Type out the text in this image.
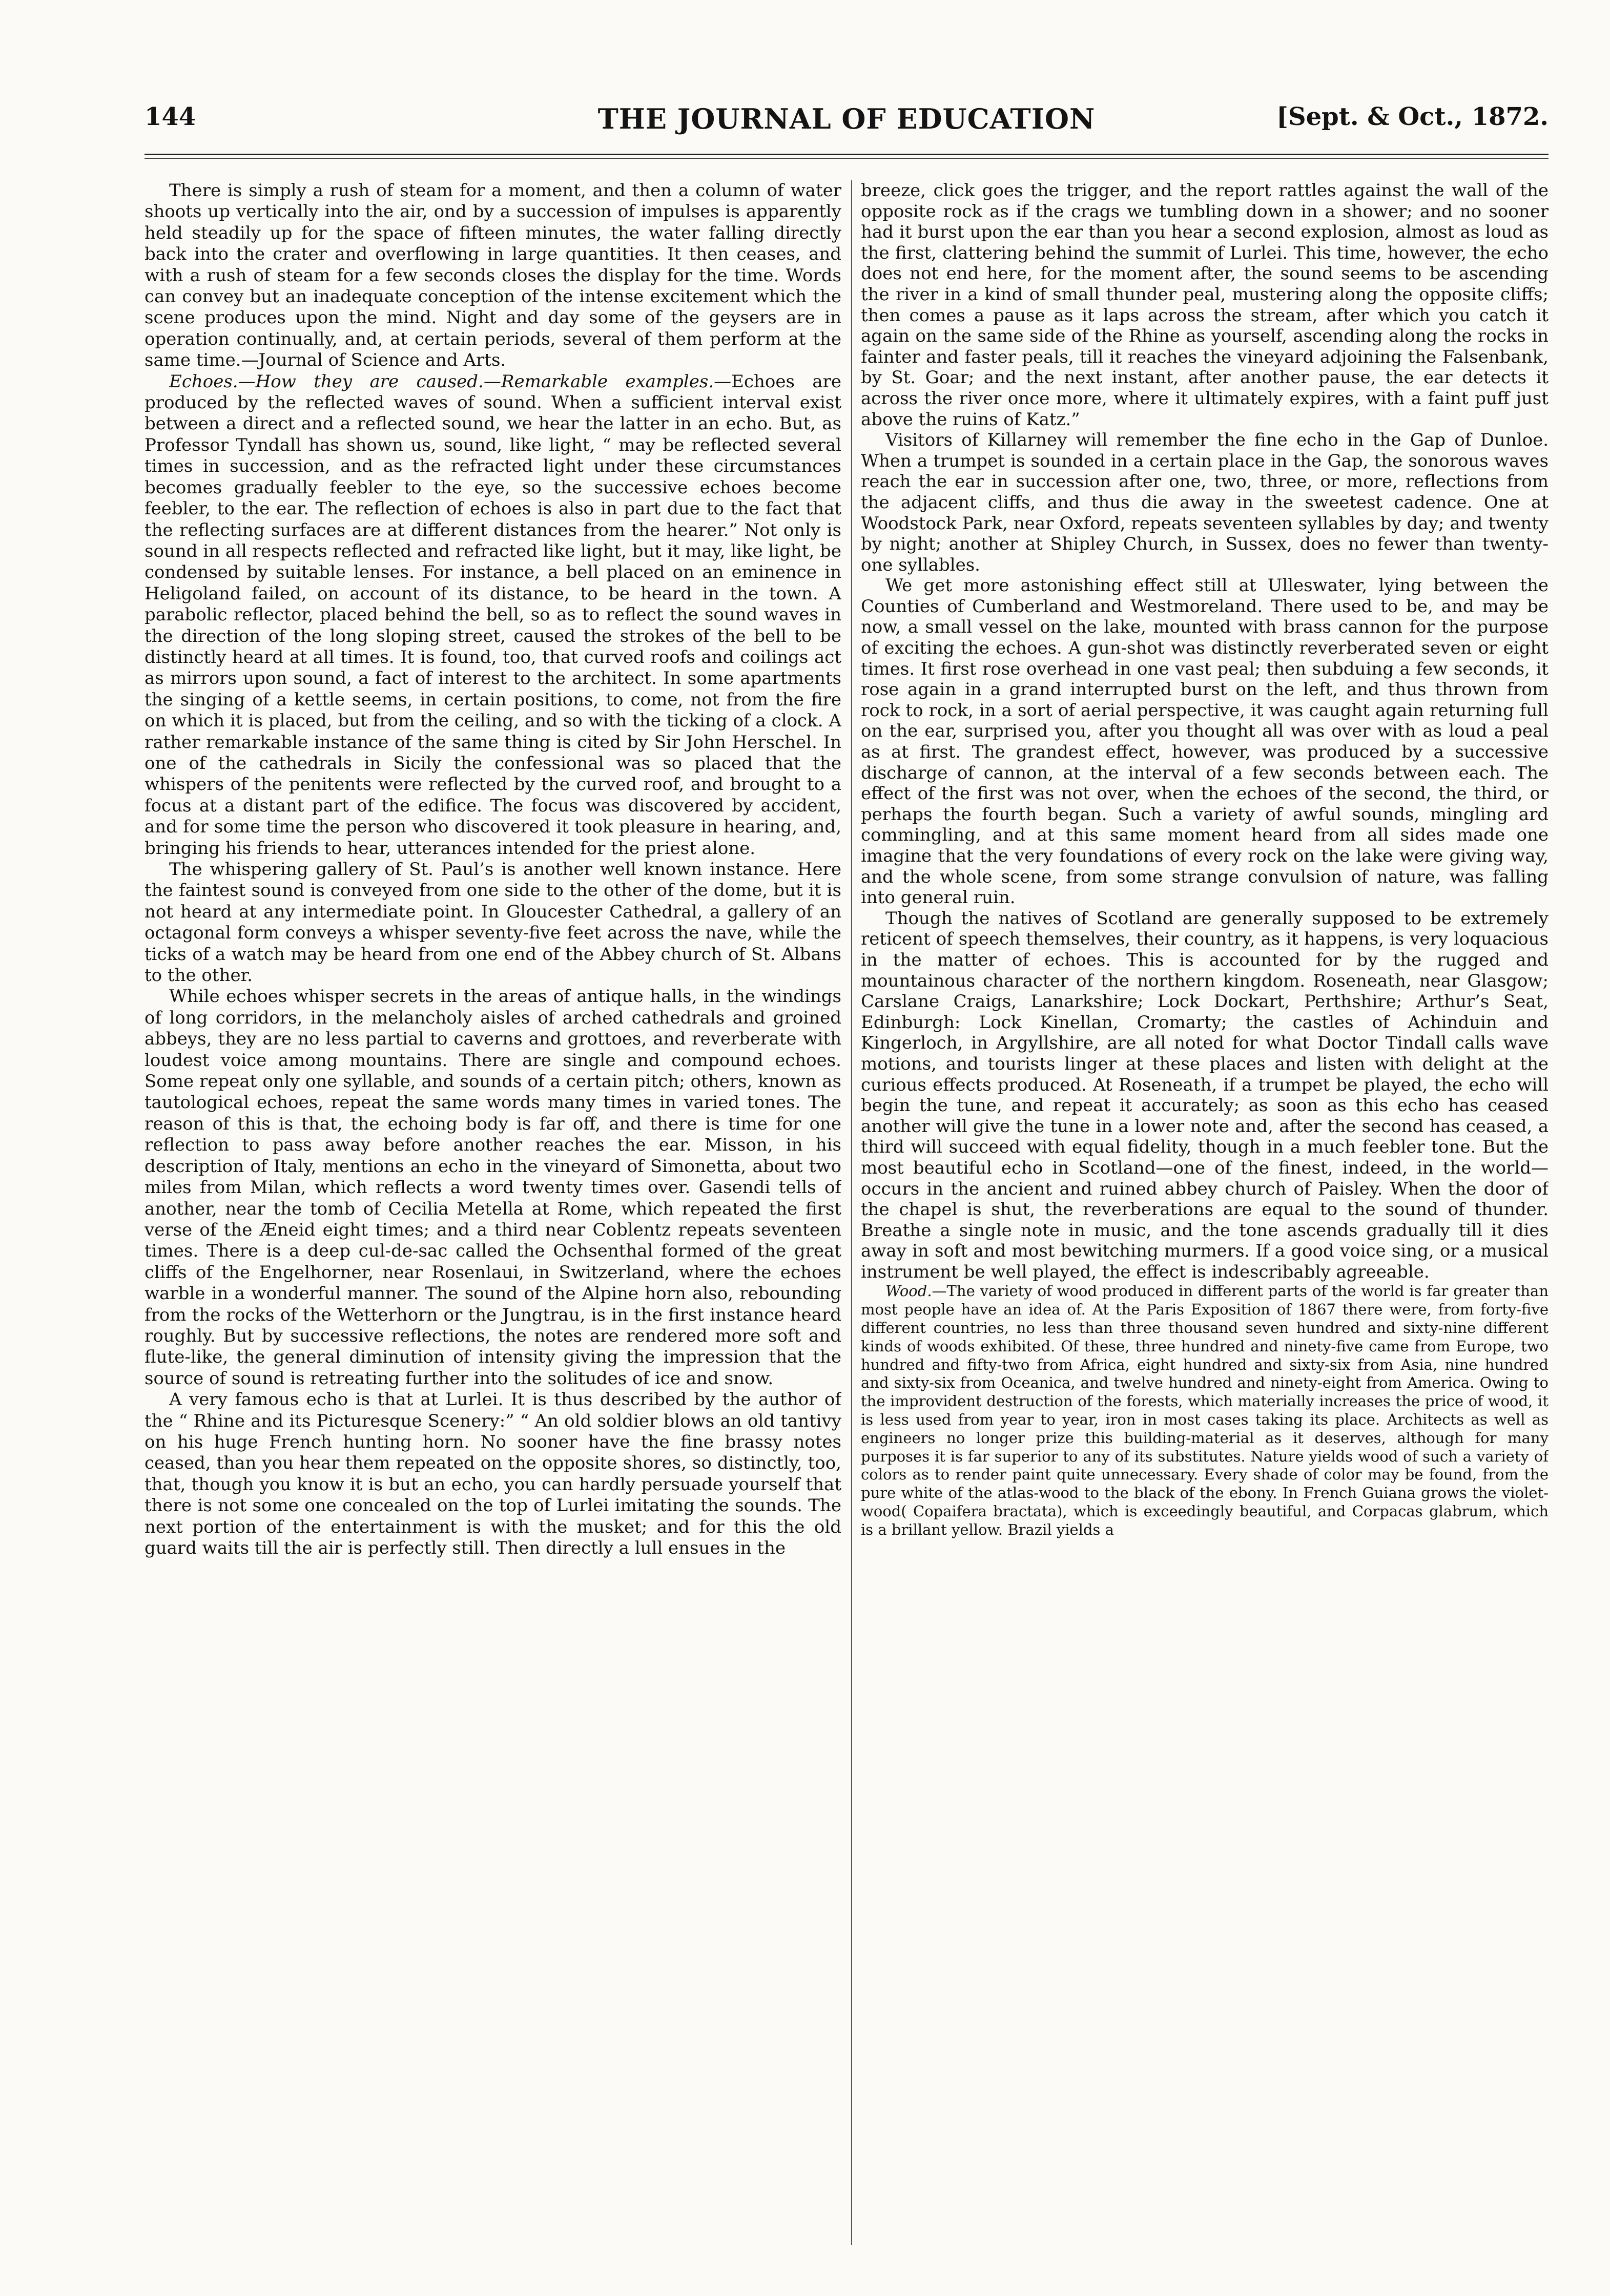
144	THE JOURNAL OF EDUCATION	[Sept. & Oct., 1872.

There is simply a rush of steam for a moment, and then a column of water shoots up vertically into the air, ond by a succession of impulses is apparently held steadily up for the space of fifteen minutes, the water falling directly back into the crater and overflowing in large quantities. It then ceases, and with a rush of steam for a few seconds closes the display for the time. Words can convey but an inadequate conception of the intense excitement which the scene produces upon the mind. Night and day some of the geysers are in operation continually, and, at certain periods, several of them perform at the same time.—Journal of Science and Arts.

Echoes.—How they are caused.—Remarkable examples.—Echoes are produced by the reflected waves of sound. When a sufficient interval exist between a direct and a reflected sound, we hear the latter in an echo. But, as Professor Tyndall has shown us, sound, like light, “ may be reflected several times in succession, and as the refracted light under these circumstances becomes gradually feebler to the eye, so the successive echoes become feebler, to the ear. The reflection of echoes is also in part due to the fact that the reflecting surfaces are at different distances from the hearer.” Not only is sound in all respects reflected and refracted like light, but it may, like light, be condensed by suitable lenses. For instance, a bell placed on an eminence in Heligoland failed, on account of its distance, to be heard in the town. A parabolic reflector, placed behind the bell, so as to reflect the sound waves in the direction of the long sloping street, caused the strokes of the bell to be distinctly heard at all times. It is found, too, that curved roofs and coilings act as mirrors upon sound, a fact of interest to the architect. In some apartments the singing of a kettle seems, in certain positions, to come, not from the fire on which it is placed, but from the ceiling, and so with the ticking of a clock. A rather remarkable instance of the same thing is cited by Sir John Herschel. In one of the cathedrals in Sicily the confessional was so placed that the whispers of the penitents were reflected by the curved roof, and brought to a focus at a distant part of the edifice. The focus was discovered by accident, and for some time the person who discovered it took pleasure in hearing, and, bringing his friends to hear, utterances intended for the priest alone.

The whispering gallery of St. Paul’s is another well known instance. Here the faintest sound is conveyed from one side to the other of the dome, but it is not heard at any intermediate point. In Gloucester Cathedral, a gallery of an octagonal form conveys a whisper seventy-five feet across the nave, while the ticks of a watch may be heard from one end of the Abbey church of St. Albans to the other.

While echoes whisper secrets in the areas of antique halls, in the windings of long corridors, in the melancholy aisles of arched cathedrals and groined abbeys, they are no less partial to caverns and grottoes, and reverberate with loudest voice among mountains. There are single and compound echoes. Some repeat only one syllable, and sounds of a certain pitch; others, known as tautological echoes, repeat the same words many times in varied tones. The reason of this is that, the echoing body is far off, and there is time for one reflection to pass away before another reaches the ear. Misson, in his description of Italy, mentions an echo in the vineyard of Simonetta, about two miles from Milan, which reflects a word twenty times over. Gasendi tells of another, near the tomb of Cecilia Metella at Rome, which repeated the first verse of the Æneid eight times; and a third near Coblentz repeats seventeen times. There is a deep cul-de-sac called the Ochsenthal formed of the great cliffs of the Engelhorner, near Rosenlaui, in Switzerland, where the echoes warble in a wonderful manner. The sound of the Alpine horn also, rebounding from the rocks of the Wetterhorn or the Jungtrau, is in the first instance heard roughly. But by successive reflections, the notes are rendered more soft and flute-like, the general diminution of intensity giving the impression that the source of sound is retreating further into the solitudes of ice and snow.

A very famous echo is that at Lurlei. It is thus described by the author of the “ Rhine and its Picturesque Scenery:” “ An old soldier blows an old tantivy on his huge French hunting horn. No sooner have the fine brassy notes ceased, than you hear them repeated on the opposite shores, so distinctly, too, that, though you know it is but an echo, you can hardly persuade yourself that there is not some one concealed on the top of Lurlei imitating the sounds. The next portion of the entertainment is with the musket; and for this the old guard waits till the air is perfectly still. Then directly a lull ensues in the

breeze, click goes the trigger, and the report rattles against the wall of the opposite rock as if the crags we tumbling down in a shower; and no sooner had it burst upon the ear than you hear a second explosion, almost as loud as the first, clattering behind the summit of Lurlei. This time, however, the echo does not end here, for the moment after, the sound seems to be ascending the river in a kind of small thunder peal, mustering along the opposite cliffs; then comes a pause as it laps across the stream, after which you catch it again on the same side of the Rhine as yourself, ascending along the rocks in fainter and faster peals, till it reaches the vineyard adjoining the Falsenbank, by St. Goar; and the next instant, after another pause, the ear detects it across the river once more, where it ultimately expires, with a faint puff just above the ruins of Katz.”

Visitors of Killarney will remember the fine echo in the Gap of Dunloe. When a trumpet is sounded in a certain place in the Gap, the sonorous waves reach the ear in succession after one, two, three, or more, reflections from the adjacent cliffs, and thus die away in the sweetest cadence. One at Woodstock Park, near Oxford, repeats seventeen syllables by day; and twenty by night; another at Shipley Church, in Sussex, does no fewer than twenty-one syllables.

We get more astonishing effect still at Ulleswater, lying between the Counties of Cumberland and Westmoreland. There used to be, and may be now, a small vessel on the lake, mounted with brass cannon for the purpose of exciting the echoes. A gun-shot was distinctly reverberated seven or eight times. It first rose overhead in one vast peal; then subduing a few seconds, it rose again in a grand interrupted burst on the left, and thus thrown from rock to rock, in a sort of aerial perspective, it was caught again returning full on the ear, surprised you, after you thought all was over with as loud a peal as at first. The grandest effect, however, was produced by a successive discharge of cannon, at the interval of a few seconds between each. The effect of the first was not over, when the echoes of the second, the third, or perhaps the fourth began. Such a variety of awful sounds, mingling ard commingling, and at this same moment heard from all sides made one imagine that the very foundations of every rock on the lake were giving way, and the whole scene, from some strange convulsion of nature, was falling into general ruin.

Though the natives of Scotland are generally supposed to be extremely reticent of speech themselves, their country, as it happens, is very loquacious in the matter of echoes. This is accounted for by the rugged and mountainous character of the northern kingdom. Roseneath, near Glasgow; Carslane Craigs, Lanarkshire; Lock Dockart, Perthshire; Arthur’s Seat, Edinburgh: Lock Kinellan, Cromarty; the castles of Achinduin and Kingerloch, in Argyllshire, are all noted for what Doctor Tindall calls wave motions, and tourists linger at these places and listen with delight at the curious effects produced. At Roseneath, if a trumpet be played, the echo will begin the tune, and repeat it accurately; as soon as this echo has ceased another will give the tune in a lower note and, after the second has ceased, a third will succeed with equal fidelity, though in a much feebler tone. But the most beautiful echo in Scotland—one of the finest, indeed, in the world—occurs in the ancient and ruined abbey church of Paisley. When the door of the chapel is shut, the reverberations are equal to the sound of thunder. Breathe a single note in music, and the tone ascends gradually till it dies away in soft and most bewitching murmers. If a good voice sing, or a musical instrument be well played, the effect is indescribably agreeable.

Wood.—The variety of wood produced in different parts of the world is far greater than most people have an idea of. At the Paris Exposition of 1867 there were, from forty-five different countries, no less than three thousand seven hundred and sixty-nine different kinds of woods exhibited. Of these, three hundred and ninety-five came from Europe, two hundred and fifty-two from Africa, eight hundred and sixty-six from Asia, nine hundred and sixty-six from Oceanica, and twelve hundred and ninety-eight from America. Owing to the improvident destruction of the forests, which materially increases the price of wood, it is less used from year to year, iron in most cases taking its place. Architects as well as engineers no longer prize this building-material as it deserves, although for many purposes it is far superior to any of its substitutes. Nature yields wood of such a variety of colors as to render paint quite unnecessary. Every shade of color may be found, from the pure white of the atlas-wood to the black of the ebony. In French Guiana grows the violet-wood( Copaifera bractata), which is exceedingly beautiful, and Corpacas glabrum, which is a brillant yellow. Brazil yields a
